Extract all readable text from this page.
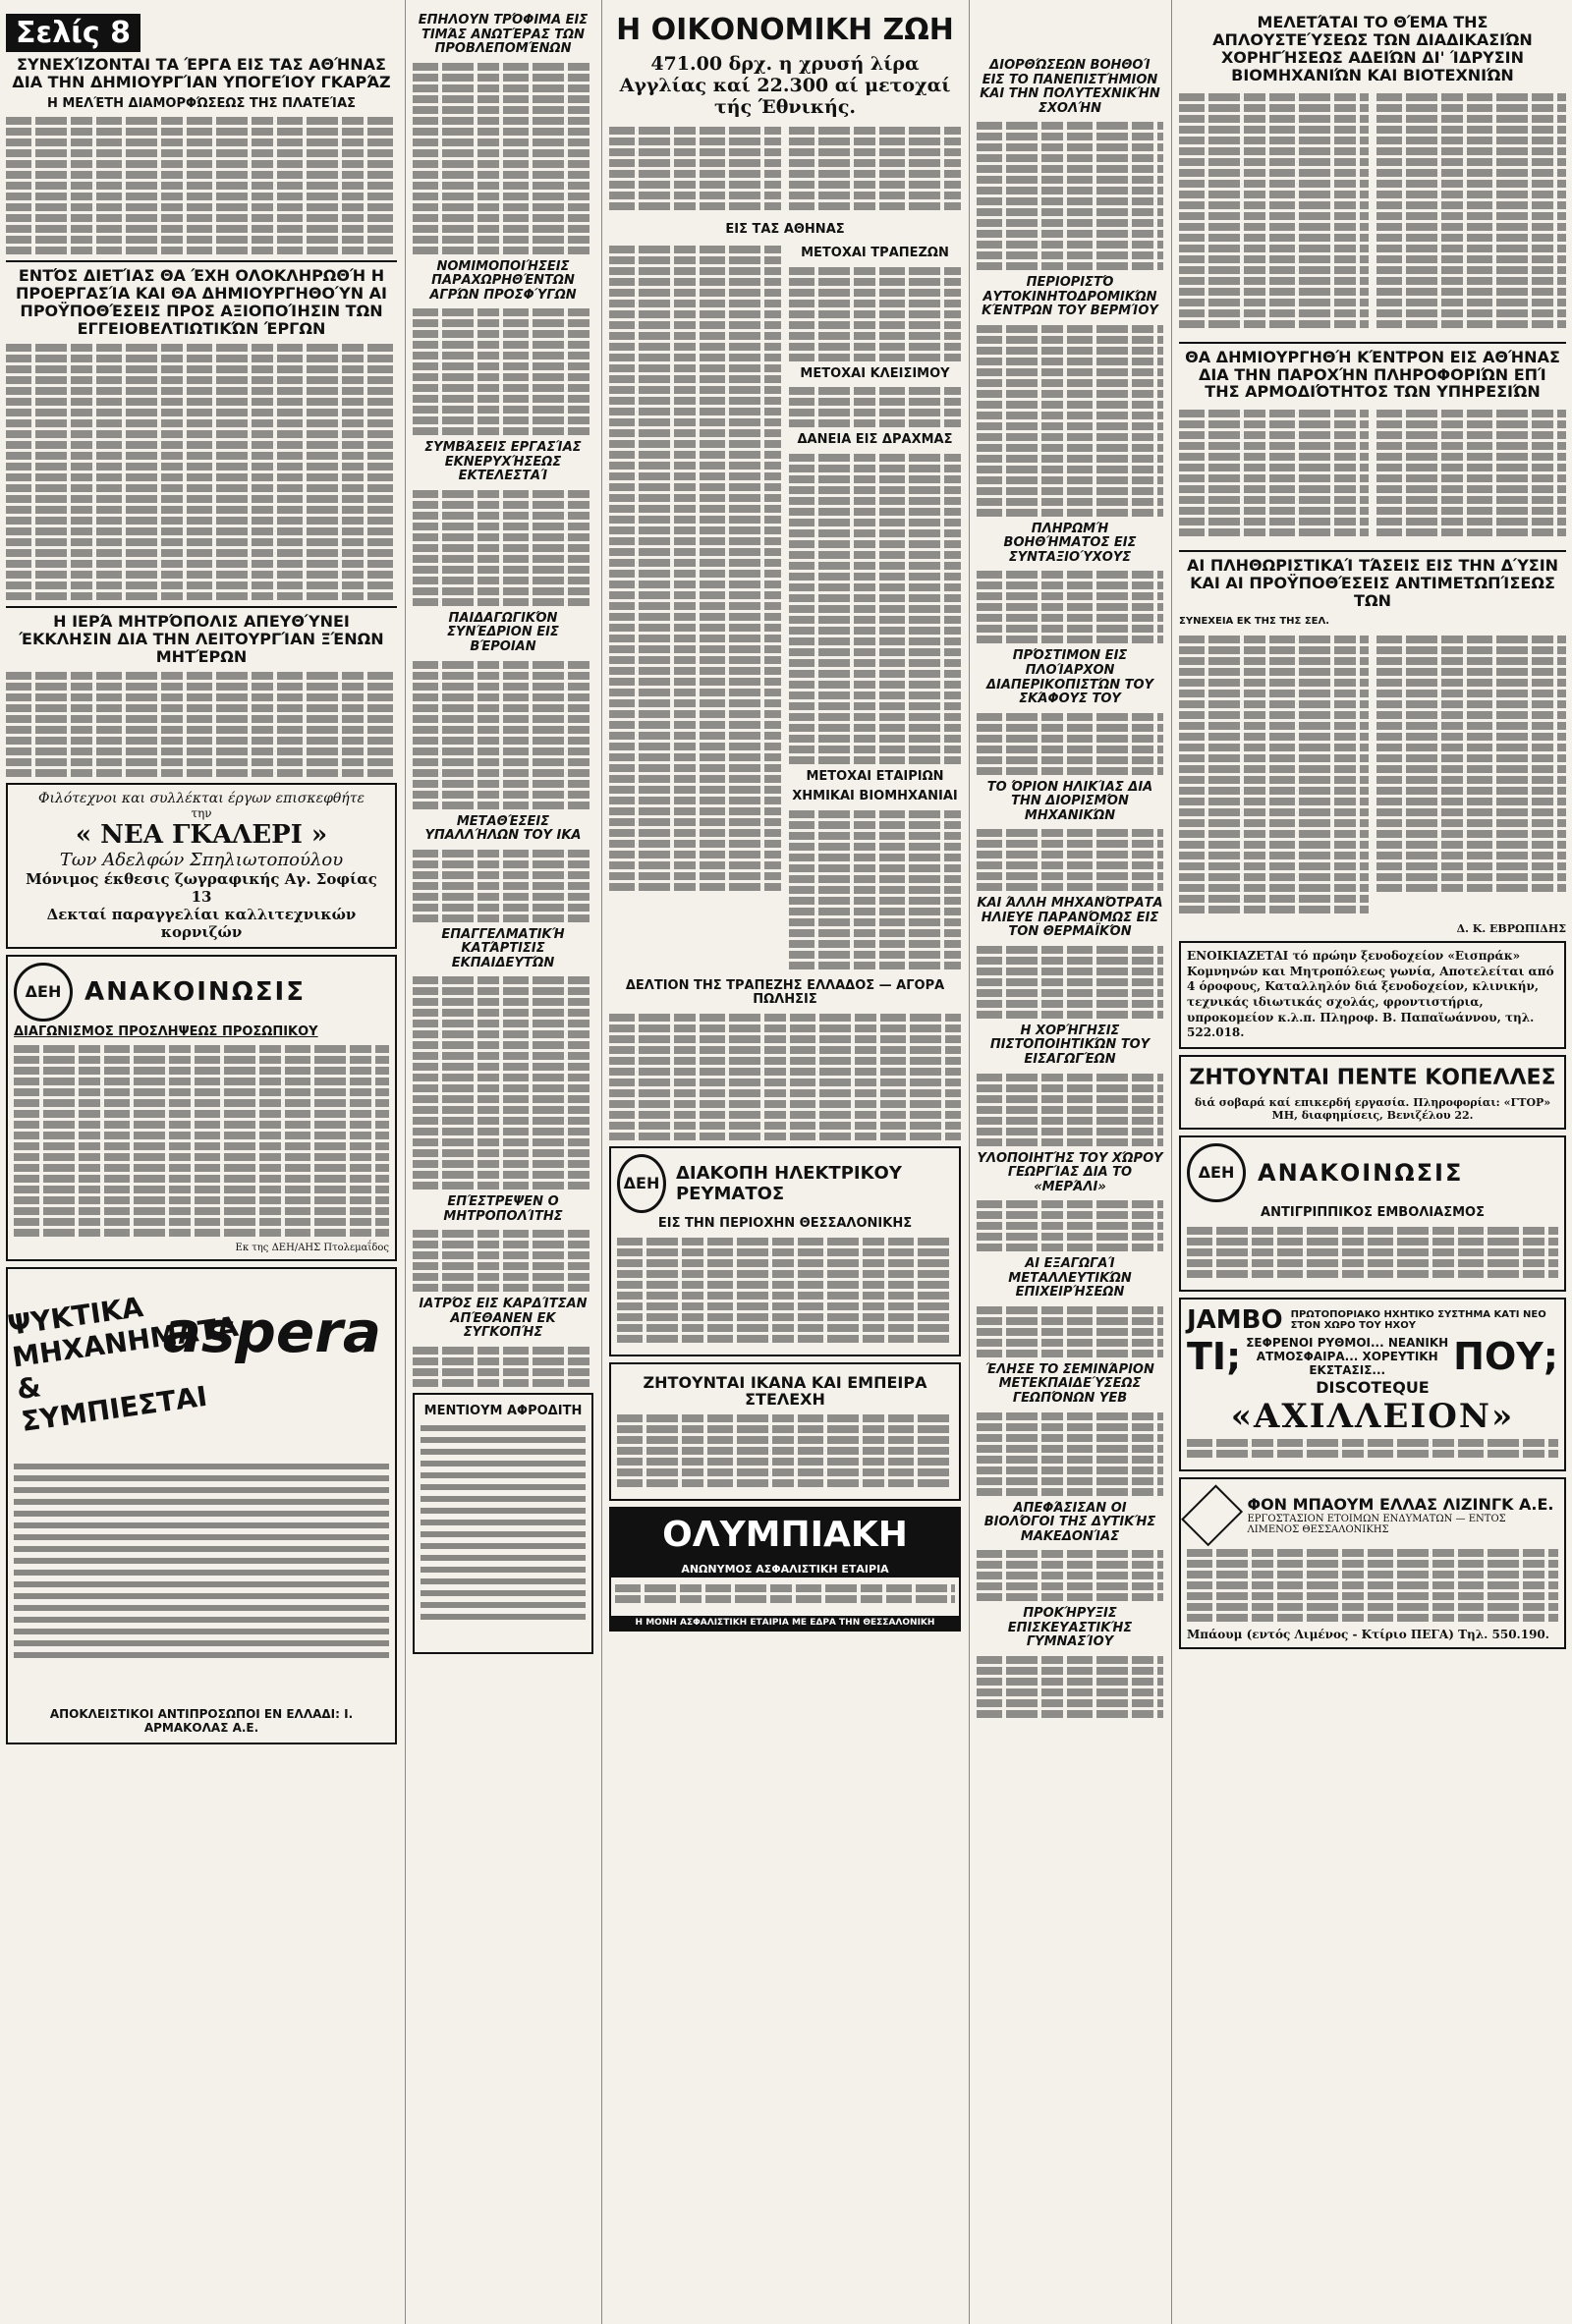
Σελίς 8
ΣΥΝΕΧΊΖΟΝΤΑΙ ΤΑ ΈΡΓΑ ΕΙΣ ΤΑΣ ΑΘΉΝΑΣ ΔΙΑ ΤΗΝ ΔΗΜΙΟΥΡΓΊΑΝ ΥΠΟΓΕΊΟΥ ΓΚΑΡΆΖ
Η ΜΕΛΈΤΗ ΔΙΑΜΟΡΦΏΣΕΩΣ ΤΗΣ ΠΛΑΤΕΊΑΣ
ΕΝΤΌΣ ΔΙΕΤΊΑΣ ΘΑ ΈΧΗ ΟΛΟΚΛΗΡΩΘΉ Η ΠΡΟΕΡΓΑΣΊΑ ΚΑΙ ΘΑ ΔΗΜΙΟΥΡΓΗΘΟΎΝ ΑΙ ΠΡΟΫΠΟΘΈΣΕΙΣ ΠΡΟΣ ΑΞΙΟΠΟΊΗΣΙΝ ΤΩΝ ΕΓΓΕΙΟΒΕΛΤΙΩΤΙΚΏΝ ΈΡΓΩΝ
Η ΙΕΡΆ ΜΗΤΡΌΠΟΛΙΣ ΑΠΕΥΘΎΝΕΙ ΈΚΚΛΗΣΙΝ ΔΙΑ ΤΗΝ ΛΕΙΤΟΥΡΓΊΑΝ ΞΈΝΩΝ ΜΗΤΈΡΩΝ
Φιλότεχνοι και συλλέκται έργων επισκεφθήτε
την
« ΝΕΑ ΓΚΑΛΕΡΙ »
Των Αδελφών Σπηλιωτοπούλου
Μόνιμος έκθεσις ζωγραφικής Αγ. Σοφίας 13
Δεκταί παραγγελίαι καλλιτεχνικών κορνιζών
ΔΕΗ ΑΝΑΚΟΙΝΩΣΙΣ
ΔΙΑΓΩΝΙΣΜΟΣ ΠΡΟΣΛΗΨΕΩΣ ΠΡΟΣΩΠΙΚΟΥ
Εκ της ΔΕΗ/ΑΗΣ Πτολεμαΐδος
ΨΥΚΤΙΚΑ ΜΗΧΑΝΗΜΑΤΑ & ΣΥΜΠΙΕΣΤΑΙ
aspera
ΑΠΟΚΛΕΙΣΤΙΚΟΙ ΑΝΤΙΠΡΟΣΩΠΟΙ ΕΝ ΕΛΛΑΔΙ: Ι. ΑΡΜΑΚΟΛΑΣ Α.Ε.
ΕΠΗΛΟΥΝ ΤΡΌΦΙΜΑ ΕΙΣ ΤΙΜΆΣ ΑΝΩΤΈΡΑΣ ΤΩΝ ΠΡΟΒΛΕΠΟΜΈΝΩΝ
ΝΟΜΙΜΟΠΟΙΉΣΕΙΣ ΠΑΡΑΧΩΡΗΘΈΝΤΩΝ ΑΓΡΏΝ ΠΡΟΣΦΎΓΩΝ
ΣΥΜΒΆΣΕΙΣ ΕΡΓΑΣΊΑΣ ΕΚΝΕΡΥΧΉΣΕΩΣ ΕΚΤΕΛΕΣΤΑΊ
ΠΑΙΔΑΓΩΓΙΚΌΝ ΣΥΝΈΔΡΙΟΝ ΕΙΣ ΒΈΡΟΙΑΝ
ΜΕΤΑΘΈΣΕΙΣ ΥΠΑΛΛΉΛΩΝ ΤΟΥ ΙΚΑ
ΕΠΑΓΓΕΛΜΑΤΙΚΉ ΚΑΤΆΡΤΙΣΙΣ ΕΚΠΑΙΔΕΥΤΏΝ
ΕΠΈΣΤΡΕΨΕΝ Ο ΜΗΤΡΟΠΟΛΊΤΗΣ
ΙΑΤΡΌΣ ΕΙΣ ΚΑΡΔΊΤΣΑΝ ΑΠΈΘΑΝΕΝ ΕΚ ΣΥΓΚΟΠΉΣ
ΜΕΝΤΙΟΥΜ ΑΦΡΟΔΙΤΗ
Η ΟΙΚΟΝΟΜΙΚΗ ΖΩΗ
471.00 δρχ. η χρυσή λίρα Αγγλίας καί 22.300 αί μετοχαί τής Έθνικής.
ΕΙΣ ΤΑΣ ΑΘΗΝΑΣ
ΜΕΤΟΧΑΙ ΤΡΑΠΕΖΩΝ
ΜΕΤΟΧΑΙ ΚΛΕΙΣΙΜΟΥ
ΔΑΝΕΙΑ ΕΙΣ ΔΡΑΧΜΑΣ
ΜΕΤΟΧΑΙ ΕΤΑΙΡΙΩΝ
ΧΗΜΙΚΑΙ ΒΙΟΜΗΧΑΝΙΑΙ
ΔΕΛΤΙΟΝ ΤΗΣ ΤΡΑΠΕΖΗΣ ΕΛΛΑΔΟΣ — ΑΓΟΡΑ ΠΩΛΗΣΙΣ
ΔΕΗ ΔΙΑΚΟΠΗ ΗΛΕΚΤΡΙΚΟΥ ΡΕΥΜΑΤΟΣ
ΕΙΣ ΤΗΝ ΠΕΡΙΟΧΗΝ ΘΕΣΣΑΛΟΝΙΚΗΣ
ΖΗΤΟΥΝΤΑΙ ΙΚΑΝΑ ΚΑΙ ΕΜΠΕΙΡΑ ΣΤΕΛΕΧΗ
ΟΛΥΜΠΙΑΚΗ
ΑΝΩΝΥΜΟΣ ΑΣΦΑΛΙΣΤΙΚΗ ΕΤΑΙΡΙΑ
Η ΜΟΝΗ ΑΣΦΑΛΙΣΤΙΚΗ ΕΤΑΙΡΙΑ ΜΕ ΕΔΡΑ ΤΗΝ ΘΕΣΣΑΛΟΝΙΚΗ
ΔΙΟΡΘΏΣΕΩΝ ΒΟΗΘΟΊ ΕΙΣ ΤΟ ΠΑΝΕΠΙΣΤΉΜΙΟΝ ΚΑΙ ΤΗΝ ΠΟΛΥΤΕΧΝΙΚΉΝ ΣΧΟΛΉΝ
ΠΕΡΙΟΡΙΣΤΌ ΑΥΤΟΚΙΝΗΤΟΔΡΟΜΙΚΏΝ ΚΈΝΤΡΩΝ ΤΟΥ ΒΕΡΜΊΟΥ
ΠΛΗΡΩΜΉ ΒΟΗΘΉΜΑΤΟΣ ΕΙΣ ΣΥΝΤΑΞΙΟΎΧΟΥΣ
ΠΡΌΣΤΙΜΟΝ ΕΙΣ ΠΛΟΊΑΡΧΟΝ ΔΙΑΠΕΡΙΚΟΠΙΣΤΏΝ ΤΟΥ ΣΚΆΦΟΥΣ ΤΟΥ
ΤΟ ΌΡΙΟΝ ΗΛΙΚΊΑΣ ΔΙΑ ΤΗΝ ΔΙΟΡΙΣΜΌΝ ΜΗΧΑΝΙΚΏΝ
ΚΑΙ ΆΛΛΗ ΜΗΧΑΝΌΤΡΑΤΑ ΗΛΙΕΥΕ ΠΑΡΑΝΌΜΩΣ ΕΙΣ ΤΟΝ ΘΕΡΜΑΪΚΌΝ
Η ΧΟΡΉΓΗΣΙΣ ΠΙΣΤΟΠΟΙΗΤΙΚΏΝ ΤΟΥ ΕΙΣΑΓΩΓΈΩΝ
ΥΛΟΠΟΙΗΤΉΣ ΤΟΥ ΧΏΡΟΥ ΓΕΩΡΓΊΑΣ ΔΙΑ ΤΟ «ΜΕΡΆΛΙ»
ΑΙ ΕΞΑΓΩΓΑΊ ΜΕΤΑΛΛΕΥΤΙΚΏΝ ΕΠΙΧΕΙΡΉΣΕΩΝ
ΈΛΗΣΕ ΤΟ ΣΕΜΙΝΆΡΙΟΝ ΜΕΤΕΚΠΑΙΔΕΎΣΕΩΣ ΓΕΩΠΌΝΩΝ ΥΕΒ
ΑΠΕΦΆΣΙΣΑΝ ΟΙ ΒΙΟΛΌΓΟΙ ΤΗΣ ΔΥΤΙΚΉΣ ΜΑΚΕΔΟΝΊΑΣ
ΠΡΟΚΉΡΥΞΙΣ ΕΠΙΣΚΕΥΑΣΤΙΚΉΣ ΓΥΜΝΑΣΊΟΥ
ΜΕΛΕΤΆΤΑΙ ΤΟ ΘΈΜΑ ΤΗΣ ΑΠΛΟΥΣΤΕΎΣΕΩΣ ΤΩΝ ΔΙΑΔΙΚΑΣΙΏΝ ΧΟΡΗΓΉΣΕΩΣ ΑΔΕΙΏΝ ΔΙ' ΊΔΡΥΣΙΝ ΒΙΟΜΗΧΑΝΙΏΝ ΚΑΙ ΒΙΟΤΕΧΝΙΏΝ
ΘΑ ΔΗΜΙΟΥΡΓΗΘΉ ΚΈΝΤΡΟΝ ΕΙΣ ΑΘΉΝΑΣ ΔΙΑ ΤΗΝ ΠΑΡΟΧΉΝ ΠΛΗΡΟΦΟΡΙΏΝ ΕΠΊ ΤΗΣ ΑΡΜΟΔΙΌΤΗΤΟΣ ΤΩΝ ΥΠΗΡΕΣΙΏΝ
ΑΙ ΠΛΗΘΩΡΙΣΤΙΚΑΊ ΤΆΣΕΙΣ ΕΙΣ ΤΗΝ ΔΎΣΙΝ ΚΑΙ ΑΙ ΠΡΟΫΠΟΘΈΣΕΙΣ ΑΝΤΙΜΕΤΩΠΊΣΕΩΣ ΤΩΝ
ΣΥΝΕΧΕΙΑ ΕΚ ΤΗΣ ΤΗΣ ΣΕΛ.
Δ. Κ. ΕΒΡΩΠΙΔΗΣ
ΕΝΟΙΚΙΑΖΕΤΑΙ τό πρώην ξενοδοχείον «Εισπράκ» Κομνηνών και Μητροπόλεως γωνία, Αποτελείται από 4 όροφους, Καταλληλόν διά ξενοδοχείον, κλινικήν, τεχνικάς ιδιωτικάς σχολάς, φροντιστήρια, υπροκομείον κ.λ.π. Πληροφ. Β. Παπαϊωάννου, τηλ. 522.018.
ΖΗΤΟΥΝΤΑΙ ΠΕΝΤΕ ΚΟΠΕΛΛΕΣ
διά σοβαρά καί επικερδή εργασία. Πληροφορίαι: «ΓΤΟΡ» ΜΗ, διαφημίσεις, Βενιζέλου 22.
ΔΕΗ ΑΝΑΚΟΙΝΩΣΙΣ
ΑΝΤΙΓΡΙΠΠΙΚΟΣ ΕΜΒΟΛΙΑΣΜΟΣ
JAMBO ΠΡΩΤΟΠΟΡΙΑΚΟ ΗΧΗΤΙΚΟ ΣΥΣΤΗΜΑ ΚΑΤΙ ΝΕΟ ΣΤΟΝ ΧΩΡΟ ΤΟΥ ΗΧΟΥ
ΤΙ; ΣΕΦΡΕΝΟΙ ΡΥΘΜΟΙ... ΝΕΑΝΙΚΗ ΑΤΜΟΣΦΑΙΡΑ... ΧΟΡΕΥΤΙΚΗ ΕΚΣΤΑΣΙΣ...	ΠΟΥ;
DISCOTEQUE
«ΑΧΙΛΛΕΙΟΝ»
ΦΟΝ ΜΠΑΟΥΜ ΕΛΛΑΣ ΛΙΖΙΝΓΚ Α.Ε.
ΕΡΓΟΣΤΑΣΙΟΝ ΕΤΟΙΜΩΝ ΕΝΔΥΜΑΤΩΝ — ΕΝΤΟΣ ΛΙΜΕΝΟΣ ΘΕΣΣΑΛΟΝΙΚΗΣ
Μπάουμ (εντός Λιμένος - Κτίριο ΠΕΓΑ) Τηλ. 550.190.
